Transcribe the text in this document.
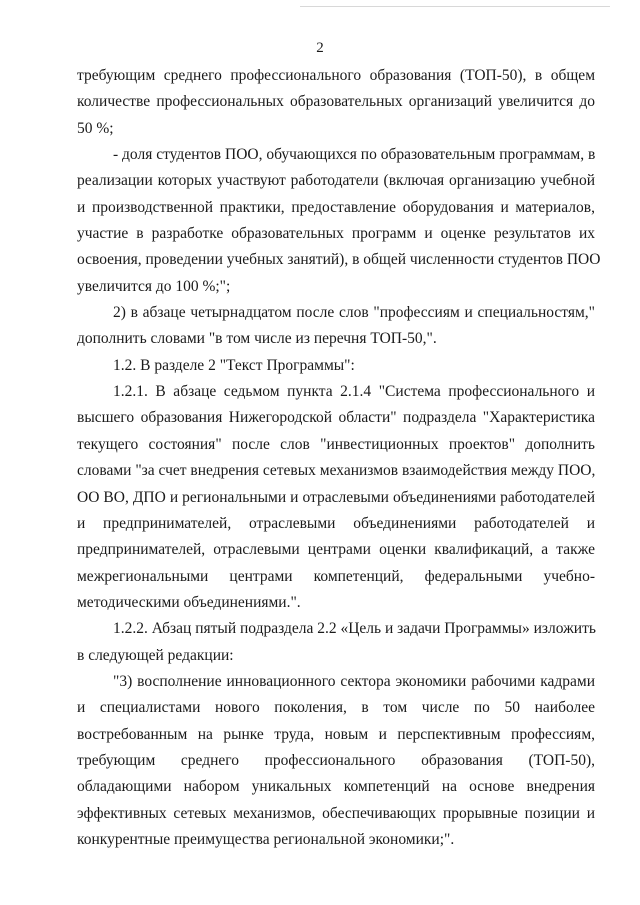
2
требующим среднего профессионального образования (ТОП-50), в общем
количестве профессиональных образовательных организаций увеличится до
50 %;
- доля студентов ПОО, обучающихся по образовательным программам, в
реализации которых участвуют работодатели (включая организацию учебной
и производственной практики, предоставление оборудования и материалов,
участие в разработке образовательных программ и оценке результатов их
освоения, проведении учебных занятий), в общей численности студентов ПОО
увеличится до 100 %;";
2) в абзаце четырнадцатом после слов "профессиям и специальностям,"
дополнить словами "в том числе из перечня ТОП-50,".
1.2. В разделе 2 "Текст Программы":
1.2.1. В абзаце седьмом пункта 2.1.4 "Система профессионального и
высшего образования Нижегородской области" подраздела "Характеристика
текущего состояния" после слов "инвестиционных проектов" дополнить
словами "за счет внедрения сетевых механизмов взаимодействия между ПОО,
ОО ВО, ДПО и региональными и отраслевыми объединениями работодателей
и предпринимателей, отраслевыми объединениями работодателей и
предпринимателей, отраслевыми центрами оценки квалификаций, а также
межрегиональными центрами компетенций, федеральными учебно-
методическими объединениями.".
1.2.2. Абзац пятый подраздела 2.2 «Цель и задачи Программы» изложить
в следующей редакции:
"3) восполнение инновационного сектора экономики рабочими кадрами
и специалистами нового поколения, в том числе по 50 наиболее
востребованным на рынке труда, новым и перспективным профессиям,
требующим среднего профессионального образования (ТОП-50),
обладающими набором уникальных компетенций на основе внедрения
эффективных сетевых механизмов, обеспечивающих прорывные позиции и
конкурентные преимущества региональной экономики;".
